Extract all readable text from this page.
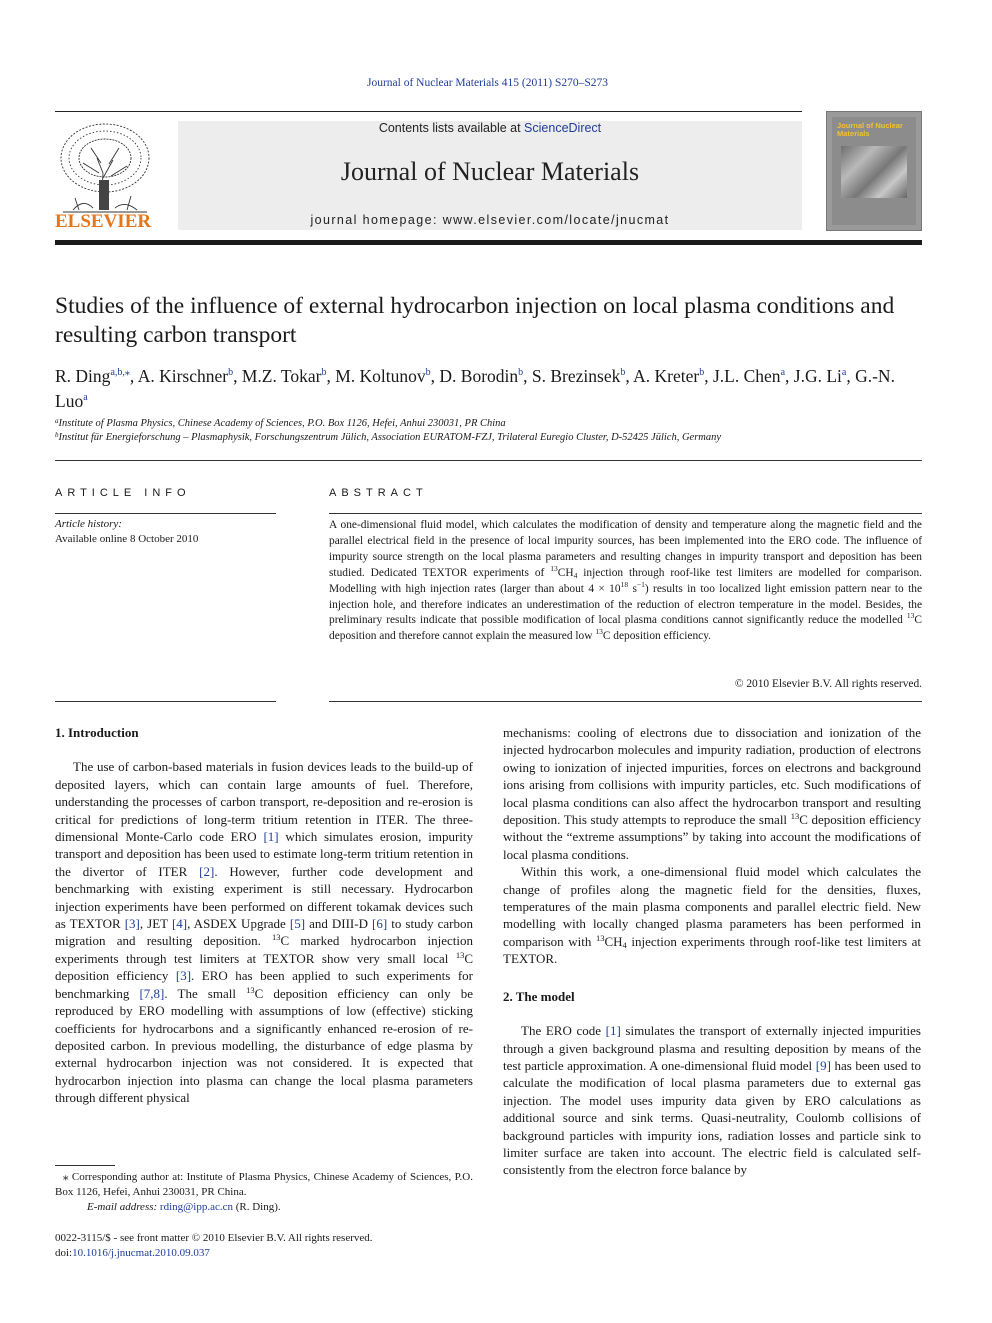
Journal of Nuclear Materials 415 (2011) S270–S273
ELSEVIER
Contents lists available at ScienceDirect
Journal of Nuclear Materials
journal homepage: www.elsevier.com/locate/jnucmat
Journal of Nuclear Materials
Studies of the influence of external hydrocarbon injection on local plasma conditions and resulting carbon transport
R. Ding$^{a,b,⁎}$, A. Kirschner$^b$, M.Z. Tokar$^b$, M. Koltunov$^b$, D. Borodin$^b$, S. Brezinsek$^b$, A. Kreter$^b$, J.L. Chen$^a$, J.G. Li$^a$, G.-N. Luo$^a$
$^a$Institute of Plasma Physics, Chinese Academy of Sciences, P.O. Box 1126, Hefei, Anhui 230031, PR China
$^b$Institut für Energieforschung – Plasmaphysik, Forschungszentrum Jülich, Association EURATOM-FZJ, Trilateral Euregio Cluster, D-52425 Jülich, Germany
ARTICLE INFO
Article history:
Available online 8 October 2010
ABSTRACT
A one-dimensional fluid model, which calculates the modification of density and temperature along the magnetic field and the parallel electrical field in the presence of local impurity sources, has been implemented into the ERO code. The influence of impurity source strength on the local plasma parameters and resulting changes in impurity transport and deposition has been studied. Dedicated TEXTOR experiments of $^{13}CH_4$ injection through roof-like test limiters are modelled for comparison. Modelling with high injection rates (larger than about $4 \times 10^{18}$ $s^{-1}$) results in too localized light emission pattern near to the injection hole, and therefore indicates an underestimation of the reduction of electron temperature in the model. Besides, the preliminary results indicate that possible modification of local plasma conditions cannot significantly reduce the modelled $^{13}$C deposition and therefore cannot explain the measured low $^{13}$C deposition efficiency.
© 2010 Elsevier B.V. All rights reserved.
1. Introduction

The use of carbon-based materials in fusion devices leads to the build-up of deposited layers, which can contain large amounts of fuel. Therefore, understanding the processes of carbon transport, re-deposition and re-erosion is critical for predictions of long-term tritium retention in ITER. The three-dimensional Monte-Carlo code ERO [1] which simulates erosion, impurity transport and deposition has been used to estimate long-term tritium retention in the divertor of ITER [2]. However, further code development and benchmarking with existing experiment is still necessary. Hydrocarbon injection experiments have been performed on different tokamak devices such as TEXTOR [3], JET [4], ASDEX Upgrade [5] and DIII-D [6] to study carbon migration and resulting deposition. $^{13}$C marked hydrocarbon injection experiments through test limiters at TEXTOR show very small local $^{13}$C deposition efficiency [3]. ERO has been applied to such experiments for benchmarking [7,8]. The small $^{13}$C deposition efficiency can only be reproduced by ERO modelling with assumptions of low (effective) sticking coefficients for hydrocarbons and a significantly enhanced re-erosion of re-deposited carbon. In previous modelling, the disturbance of edge plasma by external hydrocarbon injection was not considered. It is expected that hydrocarbon injection into plasma can change the local plasma parameters through different physical

⁎ Corresponding author at: Institute of Plasma Physics, Chinese Academy of Sciences, P.O. Box 1126, Hefei, Anhui 230031, PR China.
E-mail address: rding@ipp.ac.cn (R. Ding).
0022-3115/$ - see front matter © 2010 Elsevier B.V. All rights reserved.
doi:10.1016/j.jnucmat.2010.09.037

mechanisms: cooling of electrons due to dissociation and ionization of the injected hydrocarbon molecules and impurity radiation, production of electrons owing to ionization of injected impurities, forces on electrons and background ions arising from collisions with impurity particles, etc. Such modifications of local plasma conditions can also affect the hydrocarbon transport and resulting deposition. This study attempts to reproduce the small $^{13}$C deposition efficiency without the “extreme assumptions” by taking into account the modifications of local plasma conditions.

Within this work, a one-dimensional fluid model which calculates the change of profiles along the magnetic field for the densities, fluxes, temperatures of the main plasma components and parallel electric field. New modelling with locally changed plasma parameters has been performed in comparison with $^{13}CH_4$ injection experiments through roof-like test limiters at TEXTOR.

2. The model

The ERO code [1] simulates the transport of externally injected impurities through a given background plasma and resulting deposition by means of the test particle approximation. A one-dimensional fluid model [9] has been used to calculate the modification of local plasma parameters due to external gas injection. The model uses impurity data given by ERO calculations as additional source and sink terms. Quasi-neutrality, Coulomb collisions of background particles with impurity ions, radiation losses and particle sink to limiter surface are taken into account. The electric field is calculated self-consistently from the electron force balance by
